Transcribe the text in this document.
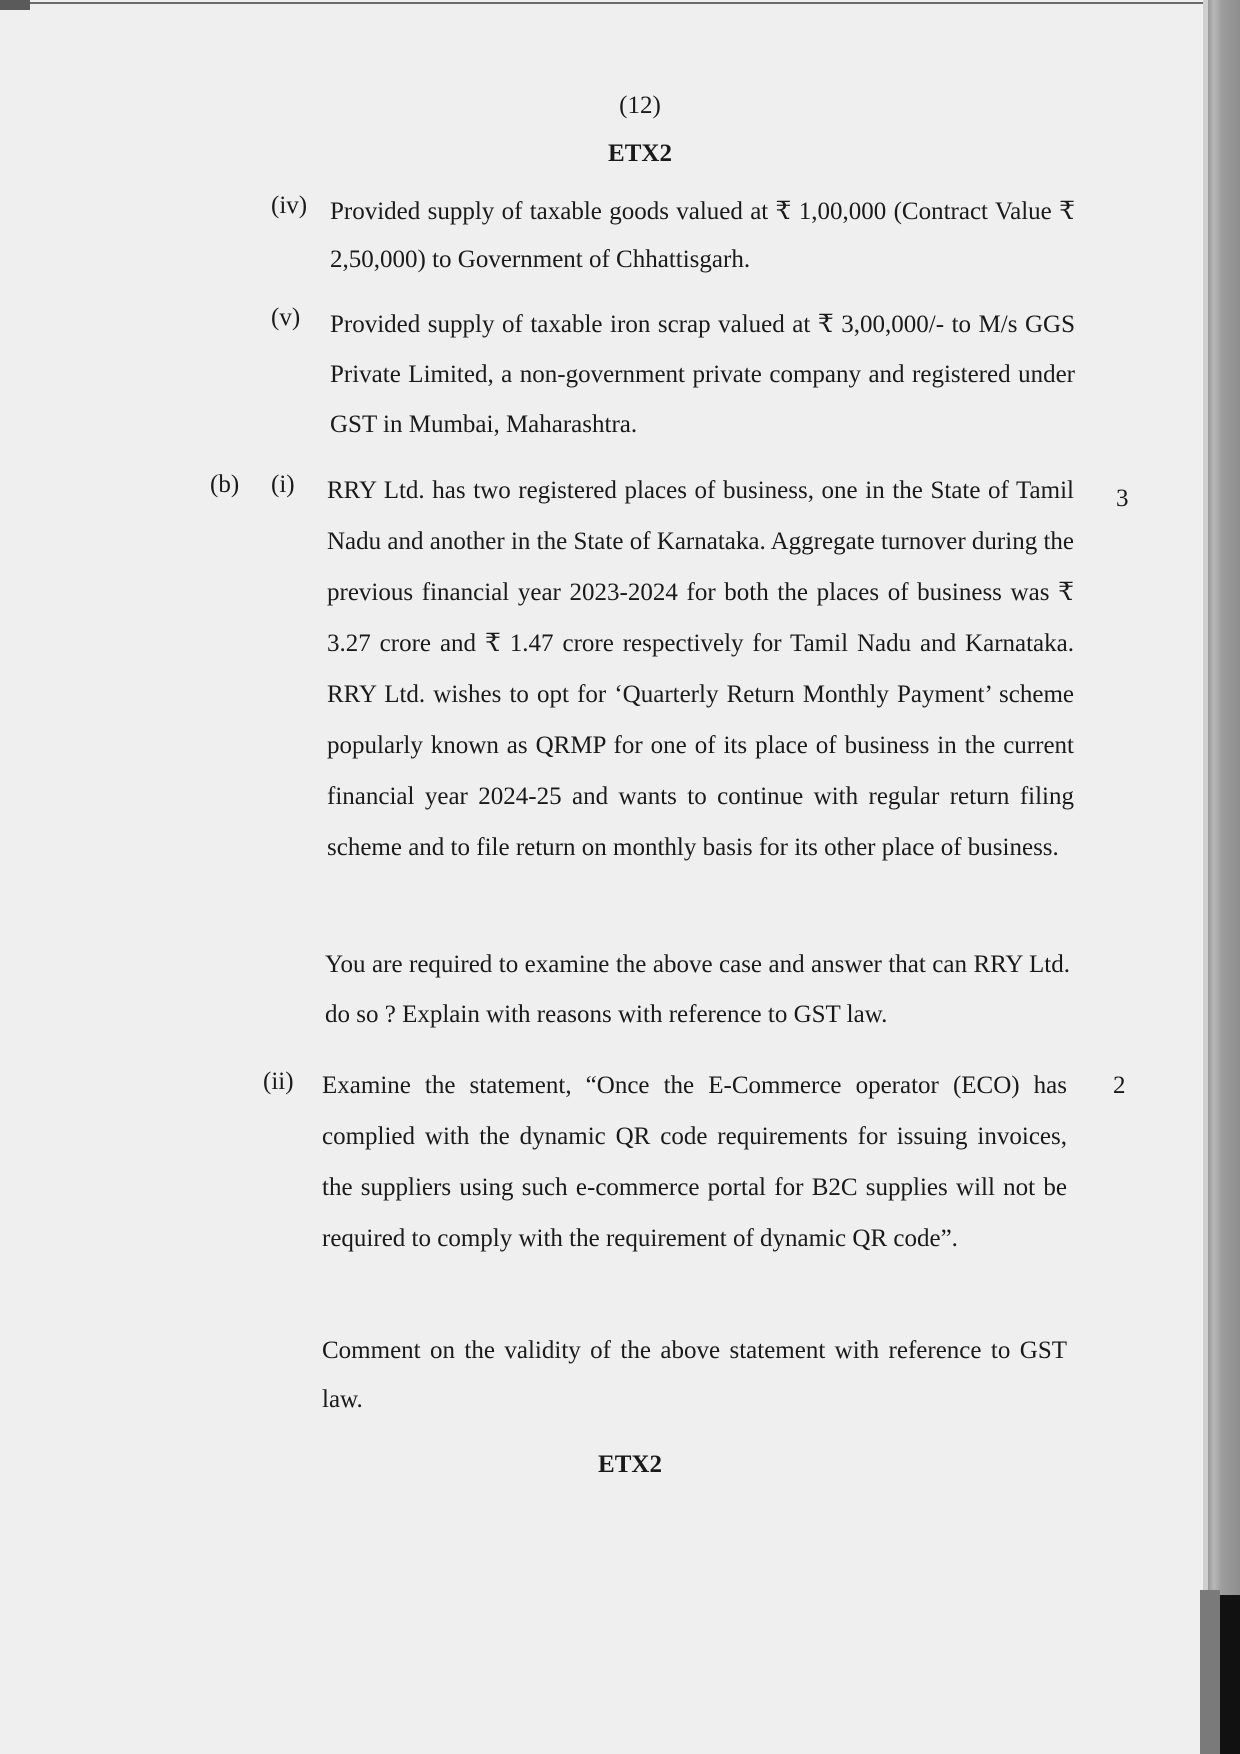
(12)
ETX2
(iv) Provided supply of taxable goods valued at ₹ 1,00,000 (Contract Value ₹ 2,50,000) to Government of Chhattisgarh.
(v) Provided supply of taxable iron scrap valued at ₹ 3,00,000/- to M/s GGS Private Limited, a non-government private company and registered under GST in Mumbai, Maharashtra.
(b) (i) RRY Ltd. has two registered places of business, one in the State of Tamil Nadu and another in the State of Karnataka. Aggregate turnover during the previous financial year 2023-2024 for both the places of business was ₹ 3.27 crore and ₹ 1.47 crore respectively for Tamil Nadu and Karnataka. RRY Ltd. wishes to opt for ‘Quarterly Return Monthly Payment’ scheme popularly known as QRMP for one of its place of business in the current financial year 2024-25 and wants to continue with regular return filing scheme and to file return on monthly basis for its other place of business.
3
You are required to examine the above case and answer that can RRY Ltd. do so ? Explain with reasons with reference to GST law.
(ii) Examine the statement, “Once the E-Commerce operator (ECO) has complied with the dynamic QR code requirements for issuing invoices, the suppliers using such e-commerce portal for B2C supplies will not be required to comply with the requirement of dynamic QR code”.
2
Comment on the validity of the above statement with reference to GST law.
ETX2
